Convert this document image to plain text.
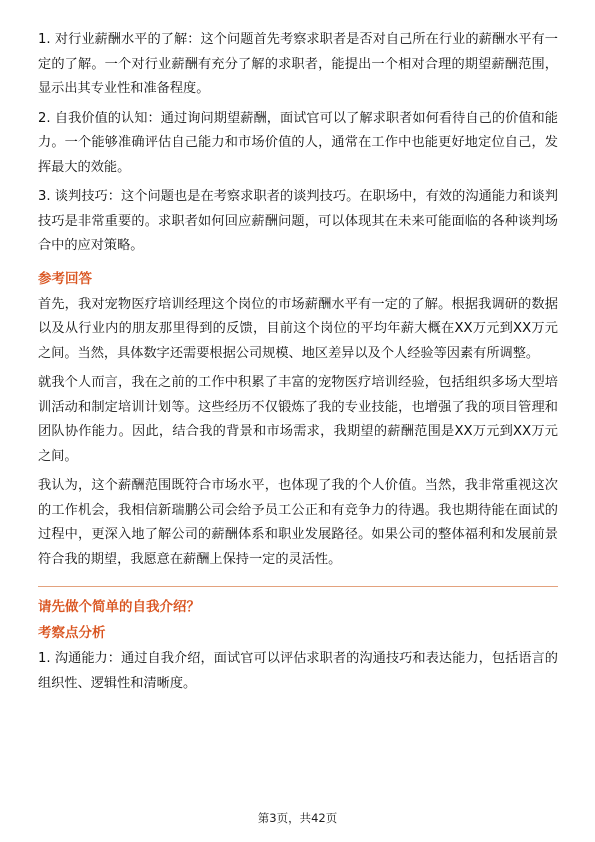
1. 对行业薪酬水平的了解：这个问题首先考察求职者是否对自己所在行业的薪酬水平有一定的了解。一个对行业薪酬有充分了解的求职者，能提出一个相对合理的期望薪酬范围，显示出其专业性和准备程度。

2. 自我价值的认知：通过询问期望薪酬，面试官可以了解求职者如何看待自己的价值和能力。一个能够准确评估自己能力和市场价值的人，通常在工作中也能更好地定位自己，发挥最大的效能。

3. 谈判技巧：这个问题也是在考察求职者的谈判技巧。在职场中，有效的沟通能力和谈判技巧是非常重要的。求职者如何回应薪酬问题，可以体现其在未来可能面临的各种谈判场合中的应对策略。

参考回答

首先，我对宠物医疗培训经理这个岗位的市场薪酬水平有一定的了解。根据我调研的数据以及从行业内的朋友那里得到的反馈，目前这个岗位的平均年薪大概在XX万元到XX万元之间。当然，具体数字还需要根据公司规模、地区差异以及个人经验等因素有所调整。

就我个人而言，我在之前的工作中积累了丰富的宠物医疗培训经验，包括组织多场大型培训活动和制定培训计划等。这些经历不仅锻炼了我的专业技能，也增强了我的项目管理和团队协作能力。因此，结合我的背景和市场需求，我期望的薪酬范围是XX万元到XX万元之间。

我认为，这个薪酬范围既符合市场水平，也体现了我的个人价值。当然，我非常重视这次的工作机会，我相信新瑞鹏公司会给予员工公正和有竞争力的待遇。我也期待能在面试的过程中，更深入地了解公司的薪酬体系和职业发展路径。如果公司的整体福利和发展前景符合我的期望，我愿意在薪酬上保持一定的灵活性。

请先做个简单的自我介绍？
考察点分析

1. 沟通能力：通过自我介绍，面试官可以评估求职者的沟通技巧和表达能力，包括语言的组织性、逻辑性和清晰度。

第3页，共42页
